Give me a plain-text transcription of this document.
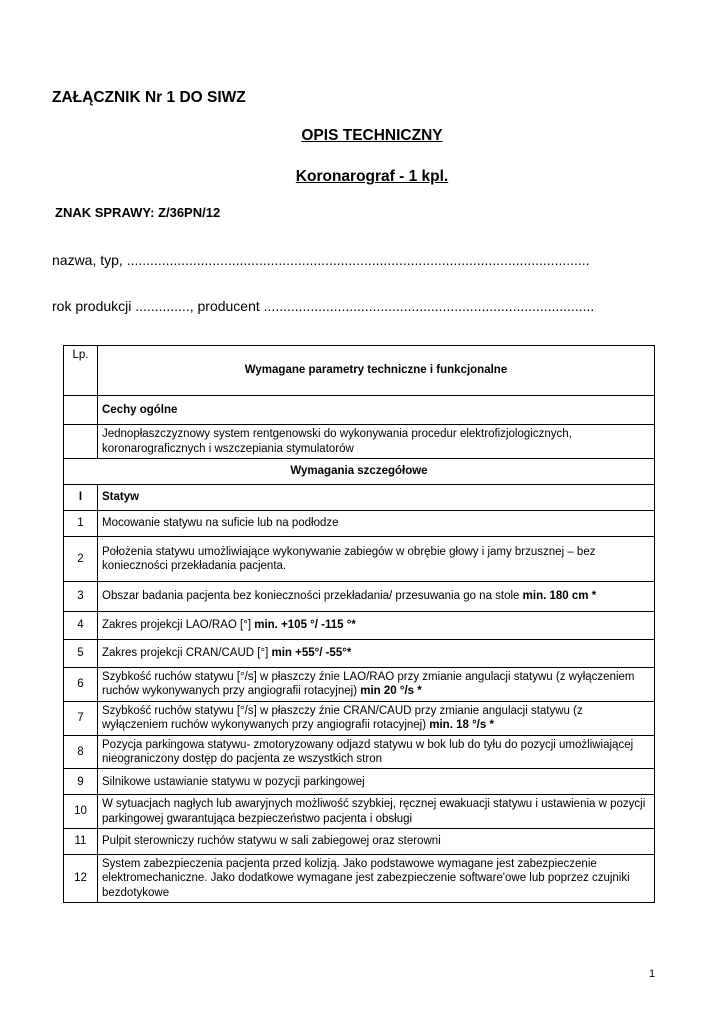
ZAŁĄCZNIK Nr 1 DO SIWZ
OPIS TECHNICZNY
Koronarograf - 1 kpl.
ZNAK SPRAWY: Z/36PN/12
nazwa, typ, .......................................................................................................................
rok produkcji .............., producent .....................................................................................
Lp.	Wymagane parametry techniczne i funkcjonalne
	Cechy ogólne
	Jednopłaszczyznowy system rentgenowski do wykonywania procedur elektrofizjologicznych, koronarograficznych i wszczepiania stymulatorów
Wymagania szczegółowe	
I	Statyw
1	Mocowanie statywu na suficie lub na podłodze
2	Położenia statywu umożliwiające wykonywanie zabiegów w obrębie głowy i jamy brzusznej – bez konieczności przekładania pacjenta.
3	Obszar badania pacjenta bez konieczności przekładania/ przesuwania go na stole min. 180 cm *
4	Zakres projekcji LAO/RAO [°] min. +105 °/ -115 °*
5	Zakres projekcji CRAN/CAUD [°] min +55°/ -55°*
6	Szybkość ruchów statywu [°/s] w płaszczy źnie LAO/RAO przy zmianie angulacji statywu (z wyłączeniem ruchów wykonywanych przy angiografii rotacyjnej) min 20 °/s *
7	Szybkość ruchów statywu [°/s] w płaszczy źnie CRAN/CAUD przy zmianie angulacji statywu (z wyłączeniem ruchów wykonywanych przy angiografii rotacyjnej) min. 18 °/s *
8	Pozycja parkingowa statywu- zmotoryzowany odjazd statywu w bok lub do tyłu do pozycji umożliwiającej nieograniczony dostęp do pacjenta ze wszystkich stron
9	Silnikowe ustawianie statywu w pozycji parkingowej
10	W sytuacjach nagłych lub awaryjnych możliwość szybkiej, ręcznej ewakuacji statywu i ustawienia w pozycji parkingowej gwarantująca bezpieczeństwo pacjenta i obsługi
11	Pulpit sterowniczy ruchów statywu w sali zabiegowej oraz sterowni
12	System zabezpieczenia pacjenta przed kolizją. Jako podstawowe wymagane jest zabezpieczenie elektromechaniczne. Jako dodatkowe wymagane jest zabezpieczenie software'owe lub poprzez czujniki bezdotykowe
1
